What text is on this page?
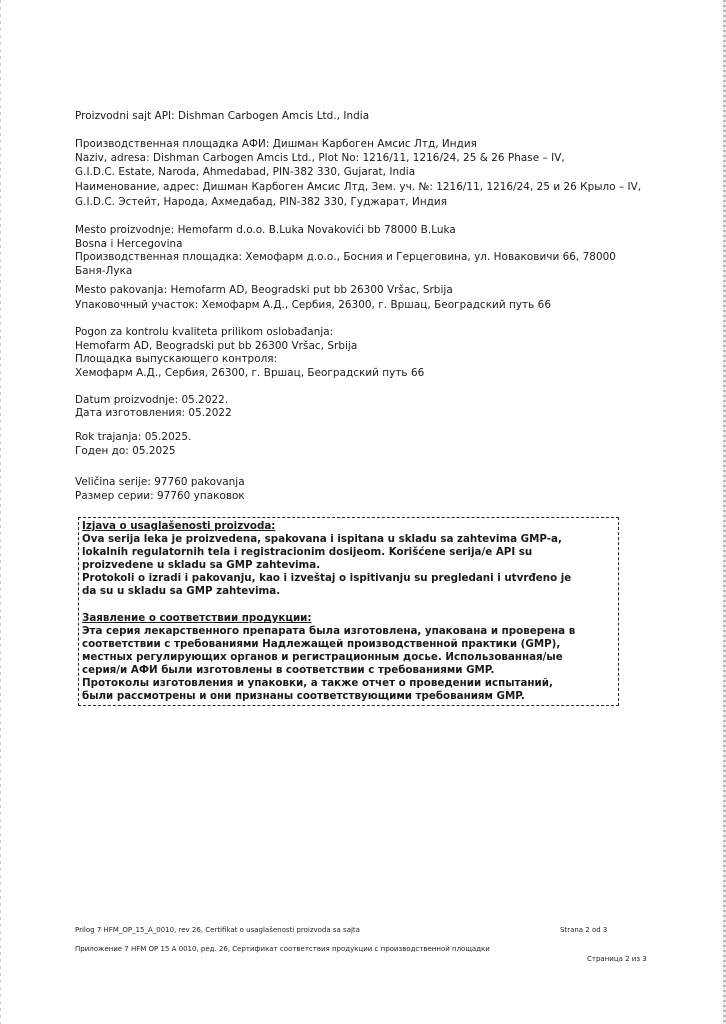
Proizvodni sajt API: Dishman Carbogen Amcis Ltd., India
Производственная площадка АФИ: Дишман Карбоген Амсис Лтд, Индия
Naziv, adresa: Dishman Carbogen Amcis Ltd., Plot No: 1216/11, 1216/24, 25 & 26 Phase – IV,
G.I.D.C. Estate, Naroda, Ahmedabad, PIN-382 330, Gujarat, India
Наименование, адрес: Дишман Карбоген Амсис Лтд, Зем. уч. №: 1216/11, 1216/24, 25 и 26 Крыло – IV,
G.I.D.C. Эстейт, Народа, Ахмедабад, PIN-382 330, Гуджарат, Индия
Mesto proizvodnje: Hemofarm d.o.o. B.Luka Novakovići bb 78000 B.Luka
Bosna i Hercegovina
Производственная площадка: Хемофарм д.о.о., Босния и Герцеговина, ул. Новаковичи 66, 78000
Баня-Лука
Mesto pakovanja: Hemofarm AD, Beogradski put bb 26300 Vršac, Srbija
Упаковочный участок: Хемофарм А.Д., Сербия, 26300, г. Вршац, Београдский путь 66
Pogon za kontrolu kvaliteta prilikom oslobađanja:
Hemofarm AD, Beogradski put bb 26300 Vršac, Srbija
Площадка выпускающего контроля:
Хемофарм А.Д., Сербия, 26300, г. Вршац, Београдский путь 66
Datum proizvodnje: 05.2022.
Дата изготовления: 05.2022
Rok trajanja: 05.2025.
Годен до: 05.2025
Veličina serije: 97760 pakovanja
Размер серии: 97760 упаковок
Izjava o usaglašenosti proizvoda:
Ova serija leka je proizvedena, spakovana i ispitana u skladu sa zahtevima GMP-a,
lokalnih regulatornih tela i registracionim dosijeom. Korišćene serija/e API su
proizvedene u skladu sa GMP zahtevima.
Protokoli o izradi i pakovanju, kao i izveštaj o ispitivanju su pregledani i utvrđeno je
da su u skladu sa GMP zahtevima.
Заявление о соответствии продукции:
Эта серия лекарственного препарата была изготовлена, упакована и проверена в
соответствии с требованиями Надлежащей производственной практики (GMP),
местных регулирующих органов и регистрационным досье. Использованная/ые
серия/и АФИ были изготовлены в соответствии с требованиями GMP.
Протоколы изготовления и упаковки, а также отчет о проведении испытаний,
были рассмотрены и они признаны соответствующими требованиям GMP.
Prilog 7 HFM_OP_15_A_0010, rev 26, Certifikat o usaglašenosti proizvoda sa sajta	Strana 2 od 3
Приложение 7 HFM OP 15 A 0010, ред. 26, Сертификат соответствия продукции с производственной площадки
Страница 2 из 3
